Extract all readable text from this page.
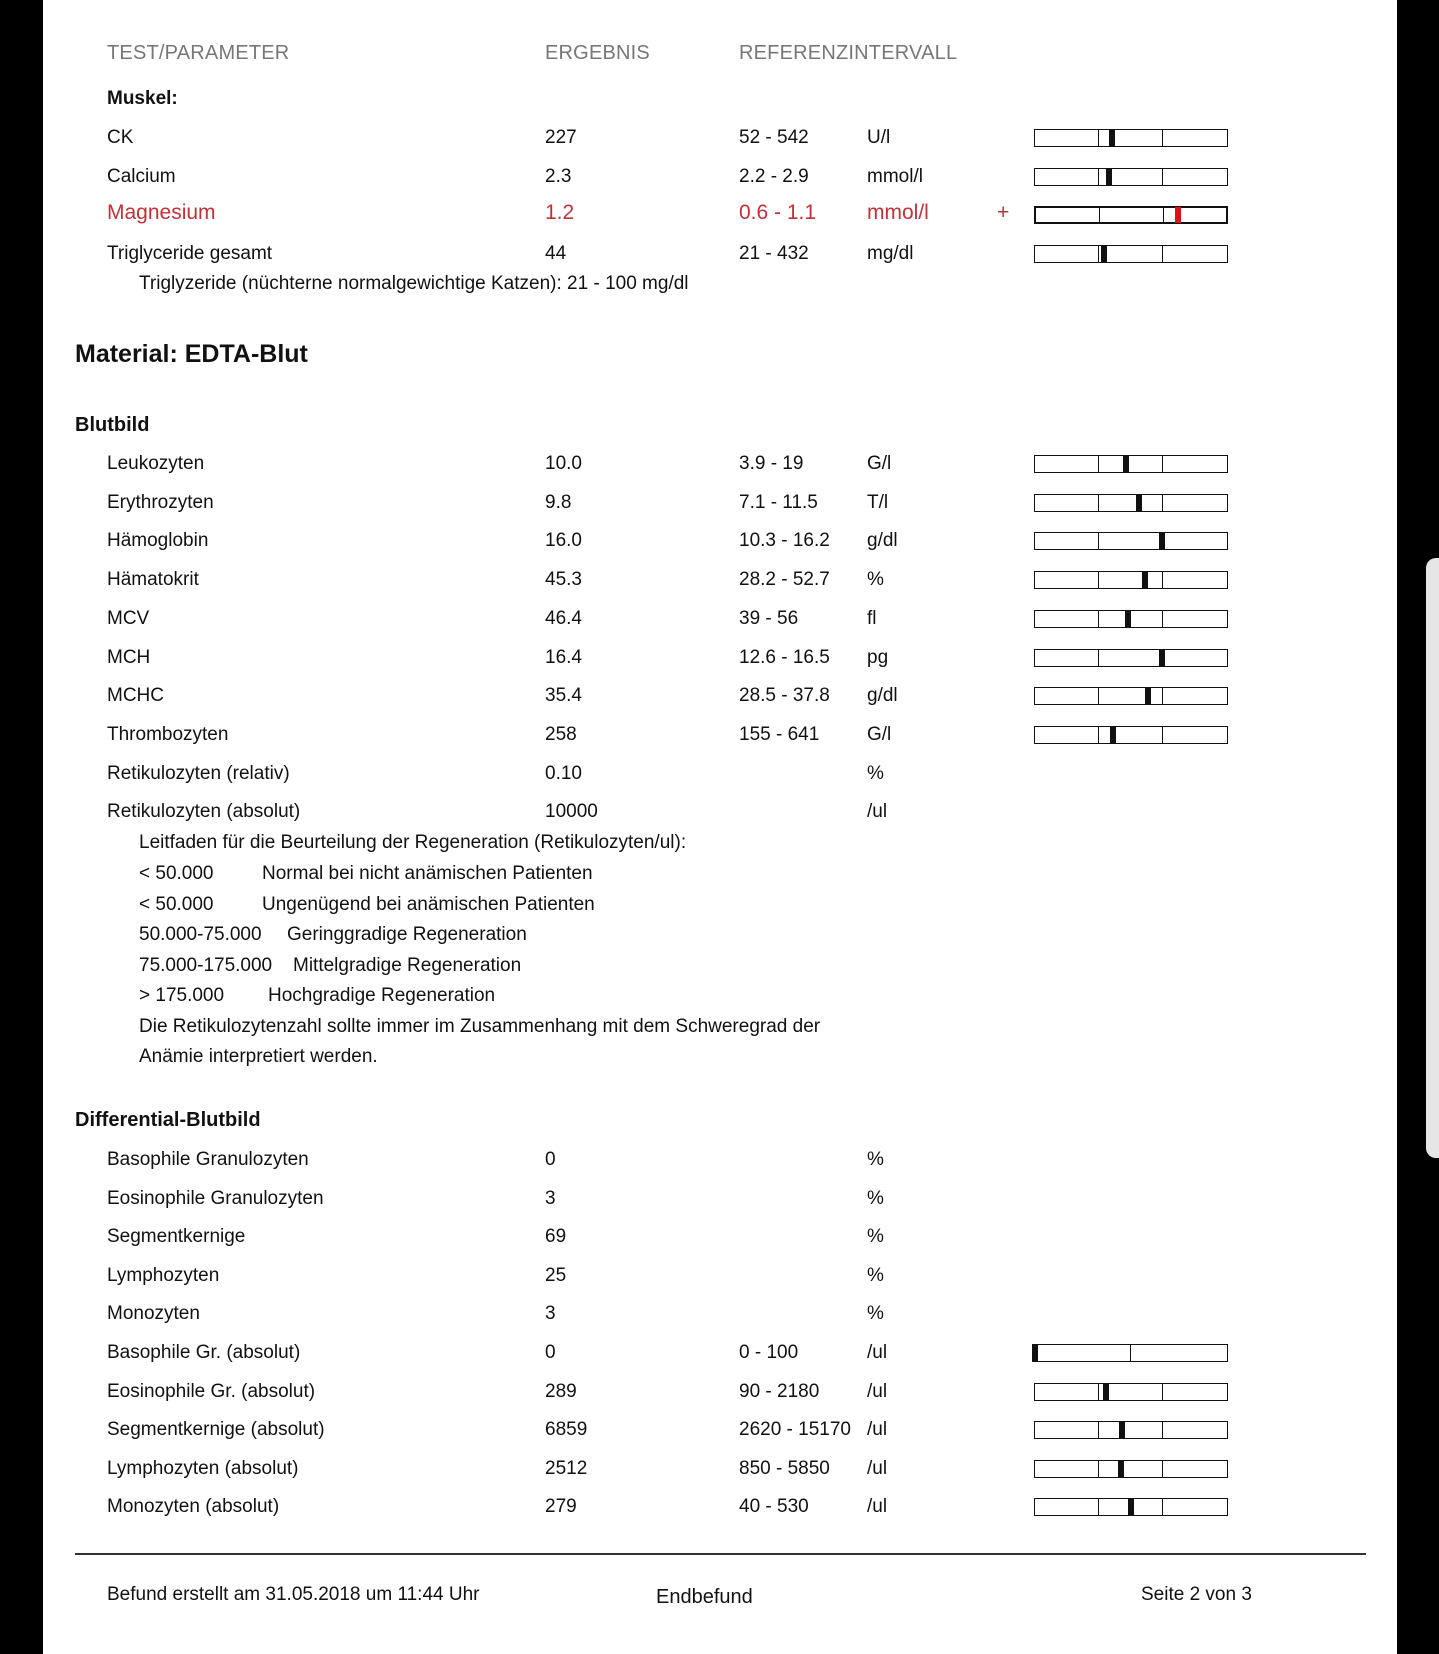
TEST/PARAMETER	ERGEBNIS	REFERENZINTERVALL
Muskel:
CK	227	52 - 542	U/l
Calcium	2.3	2.2 - 2.9	mmol/l
Magnesium	1.2	0.6 - 1.1 mmol/l	+
Triglyceride gesamt	44	21 - 432	mg/dl
Triglyzeride (nüchterne normalgewichtige Katzen): 21 - 100 mg/dl
Material: EDTA-Blut
Blutbild
Leukozyten	10.0	3.9 - 19	G/l
Erythrozyten	9.8	7.1 - 11.5	T/l
Hämoglobin	16.0	10.3 - 16.2 g/dl
Hämatokrit	45.3	28.2 - 52.7 %
MCV	46.4	39 - 56	fl
MCH	16.4	12.6 - 16.5 pg
MCHC	35.4	28.5 - 37.8 g/dl
Thrombozyten	258	155 - 641	G/l
Retikulozyten (relativ)	0.10	%
Retikulozyten (absolut)	10000	/ul
Leitfaden für die Beurteilung der Regeneration (Retikulozyten/ul):
< 50.000	Normal bei nicht anämischen Patienten
< 50.000	Ungenügend bei anämischen Patienten
50.000-75.000 Geringgradige Regeneration
75.000-175.000 Mittelgradige Regeneration
> 175.000 Hochgradige Regeneration
Die Retikulozytenzahl sollte immer im Zusammenhang mit dem Schweregrad der
Anämie interpretiert werden.
Differential-Blutbild
Basophile Granulozyten	0	%
Eosinophile Granulozyten	3	%
Segmentkernige	69	%
Lymphozyten	25	%
Monozyten	3	%
Basophile Gr. (absolut)	0	0 - 100	/ul
Eosinophile Gr. (absolut)	289	90 - 2180	/ul
Segmentkernige (absolut)	6859	2620 - 15170 /ul
Lymphozyten (absolut)	2512	850 - 5850 /ul
Monozyten (absolut)	279	40 - 530	/ul
Befund erstellt am 31.05.2018 um 11:44 Uhr	Endbefund	Seite 2 von 3
